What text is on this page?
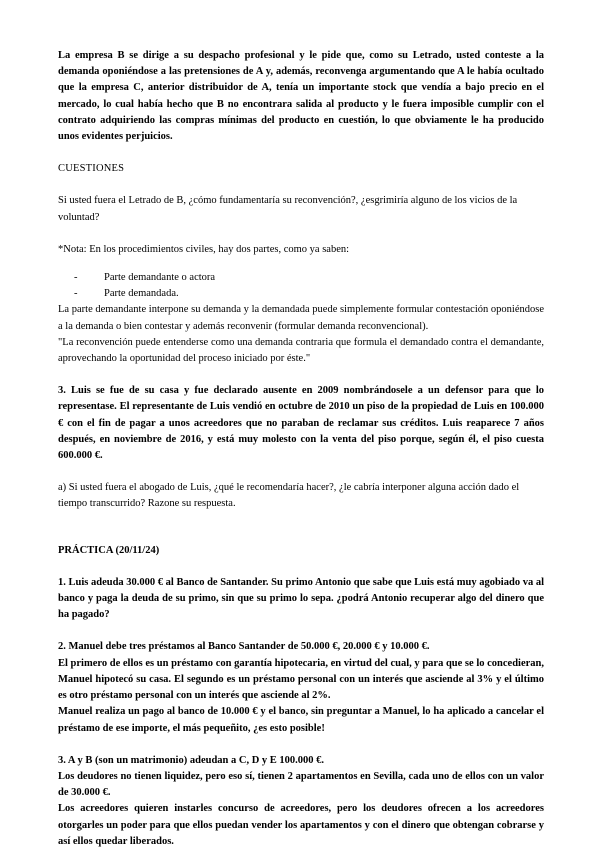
La empresa B se dirige a su despacho profesional y le pide que, como su Letrado, usted conteste a la demanda oponiéndose a las pretensiones de A y, además, reconvenga argumentando que A le había ocultado que la empresa C, anterior distribuidor de A, tenía un importante stock que vendía a bajo precio en el mercado, lo cual había hecho que B no encontrara salida al producto y le fuera imposible cumplir con el contrato adquiriendo las compras mínimas del producto en cuestión, lo que obviamente le ha producido unos evidentes perjuicios.

CUESTIONES

Si usted fuera el Letrado de B, ¿cómo fundamentaría su reconvención?, ¿esgrimiría alguno de los vicios de la voluntad?

*Nota: En los procedimientos civiles, hay dos partes, como ya saben:

- Parte demandante o actora
- Parte demandada.

La parte demandante interpone su demanda y la demandada puede simplemente formular contestación oponiéndose a la demanda o bien contestar y además reconvenir (formular demanda reconvencional).

"La reconvención puede entenderse como una demanda contraria que formula el demandado contra el demandante, aprovechando la oportunidad del proceso iniciado por éste."

3. Luis se fue de su casa y fue declarado ausente en 2009 nombrándosele a un defensor para que lo representase. El representante de Luis vendió en octubre de 2010 un piso de la propiedad de Luis en 100.000 € con el fin de pagar a unos acreedores que no paraban de reclamar sus créditos. Luis reaparece 7 años después, en noviembre de 2016, y está muy molesto con la venta del piso porque, según él, el piso cuesta 600.000 €.

a) Si usted fuera el abogado de Luis, ¿qué le recomendaría hacer?, ¿le cabría interponer alguna acción dado el tiempo transcurrido? Razone su respuesta.

PRÁCTICA (20/11/24)

1. Luis adeuda 30.000 € al Banco de Santander. Su primo Antonio que sabe que Luis está muy agobiado va al banco y paga la deuda de su primo, sin que su primo lo sepa. ¿podrá Antonio recuperar algo del dinero que ha pagado?

2. Manuel debe tres préstamos al Banco Santander de 50.000 €, 20.000 € y 10.000 €.

El primero de ellos es un préstamo con garantía hipotecaria, en virtud del cual, y para que se lo concedieran, Manuel hipotecó su casa. El segundo es un préstamo personal con un interés que asciende al 3% y el último es otro préstamo personal con un interés que asciende al 2%.

Manuel realiza un pago al banco de 10.000 € y el banco, sin preguntar a Manuel, lo ha aplicado a cancelar el préstamo de ese importe, el más pequeñito, ¿es esto posible!

3. A y B (son un matrimonio) adeudan a C, D y E 100.000 €.

Los deudores no tienen liquidez, pero eso sí, tienen 2 apartamentos en Sevilla, cada uno de ellos con un valor de 30.000 €.

Los acreedores quieren instarles concurso de acreedores, pero los deudores ofrecen a los acreedores otorgarles un poder para que ellos puedan vender los apartamentos y con el dinero que obtengan cobrarse y así ellos quedar liberados.
